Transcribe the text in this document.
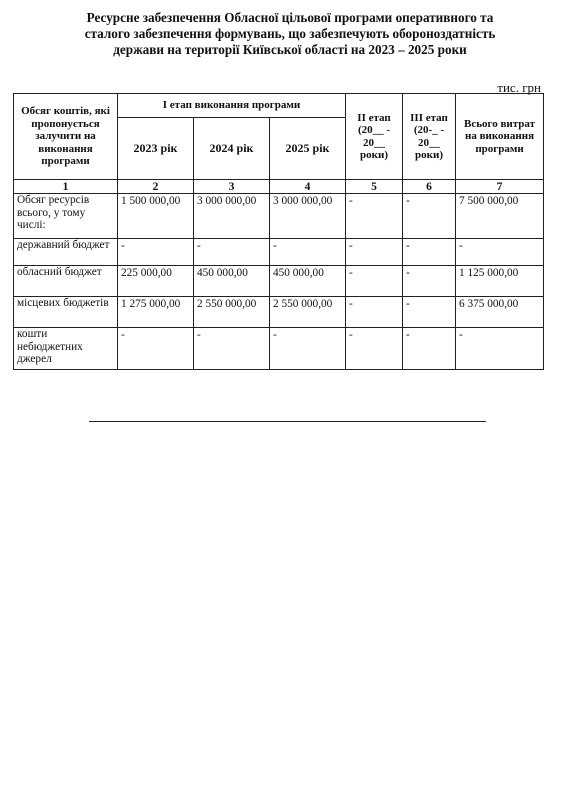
Ресурсне забезпечення Обласної цільової програми оперативного та
сталого забезпечення формувань, що забезпечують обороноздатність
держави на території Київської області на 2023 – 2025 роки
тис. грн
Обсяг коштів, які пропонується залучити на виконання програми	І етап виконання програми			ІІ етап (20__ - 20__ роки)	ІІІ етап (20-_ - 20__ роки)	Всього витрат на виконання програми
	2023 рік	2024 рік	2025 рік			
1	2	3	4	5	6	7
Обсяг ресурсів всього, у тому числі:	1 500 000,00	3 000 000,00	3 000 000,00	-	-	7 500 000,00
державний бюджет	-	-	-	-	-	-
обласний бюджет	225 000,00	450 000,00	450 000,00	-	-	1 125 000,00
місцевих бюджетів	1 275 000,00	2 550 000,00	2 550 000,00	-	-	6 375 000,00
кошти небюджетних джерел	-	-	-	-	-	-
